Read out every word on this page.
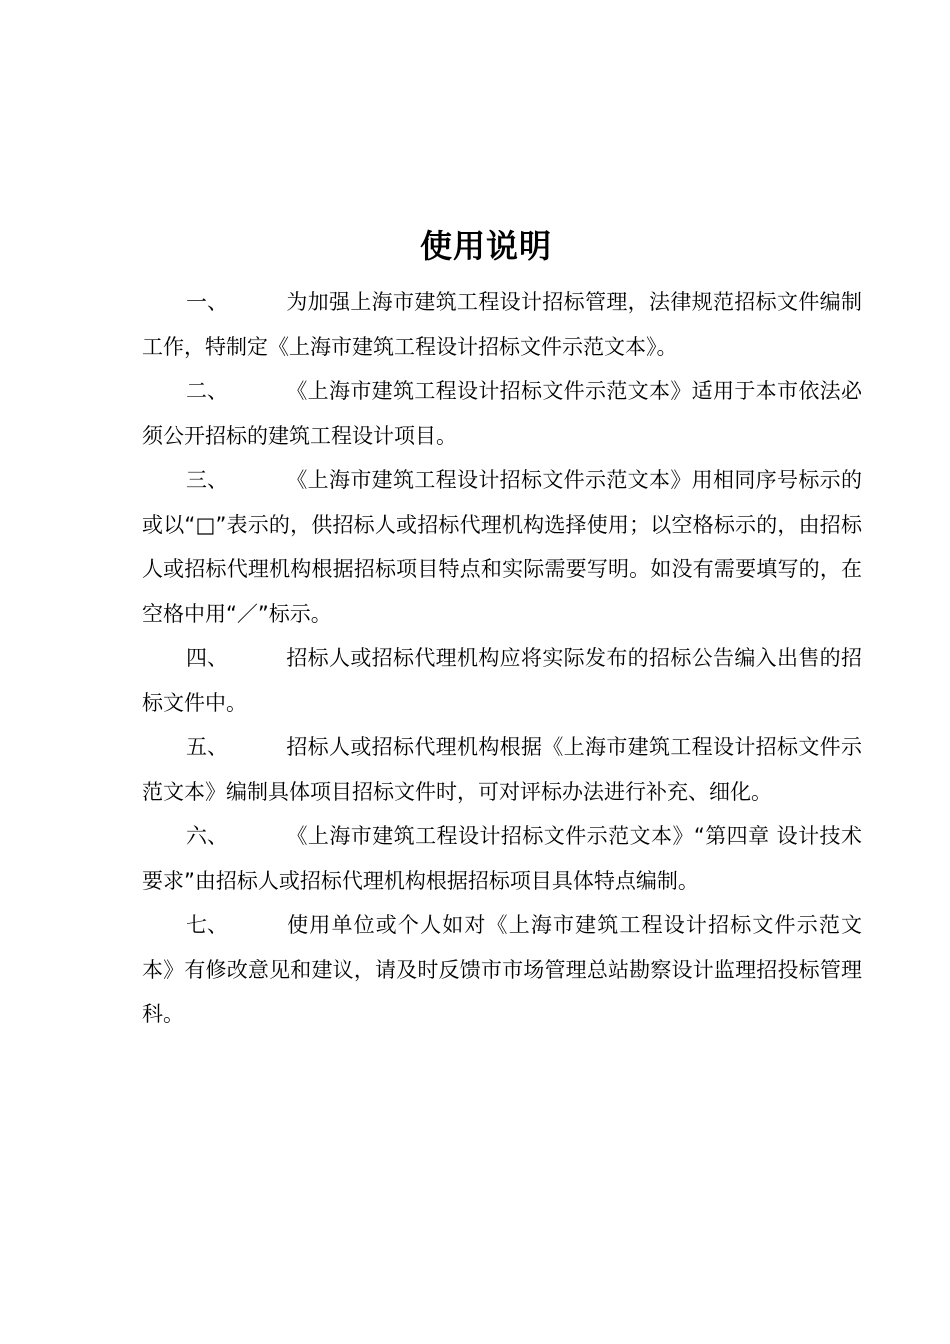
使用说明

一、	为加强上海市建筑工程设计招标管理，法律规范招标文件编制工作，特制定《上海市建筑工程设计招标文件示范文本》。

二、	《上海市建筑工程设计招标文件示范文本》适用于本市依法必须公开招标的建筑工程设计项目。

三、	《上海市建筑工程设计招标文件示范文本》用相同序号标示的或以“□”表示的，供招标人或招标代理机构选择使用；以空格标示的，由招标人或招标代理机构根据招标项目特点和实际需要写明。如没有需要填写的，在空格中用“／”标示。

四、	招标人或招标代理机构应将实际发布的招标公告编入出售的招标文件中。

五、	招标人或招标代理机构根据《上海市建筑工程设计招标文件示范文本》编制具体项目招标文件时，可对评标办法进行补充、细化。

六、	《上海市建筑工程设计招标文件示范文本》“第四章 设计技术要求”由招标人或招标代理机构根据招标项目具体特点编制。

七、	使用单位或个人如对《上海市建筑工程设计招标文件示范文本》有修改意见和建议，请及时反馈市市场管理总站勘察设计监理招投标管理科。
